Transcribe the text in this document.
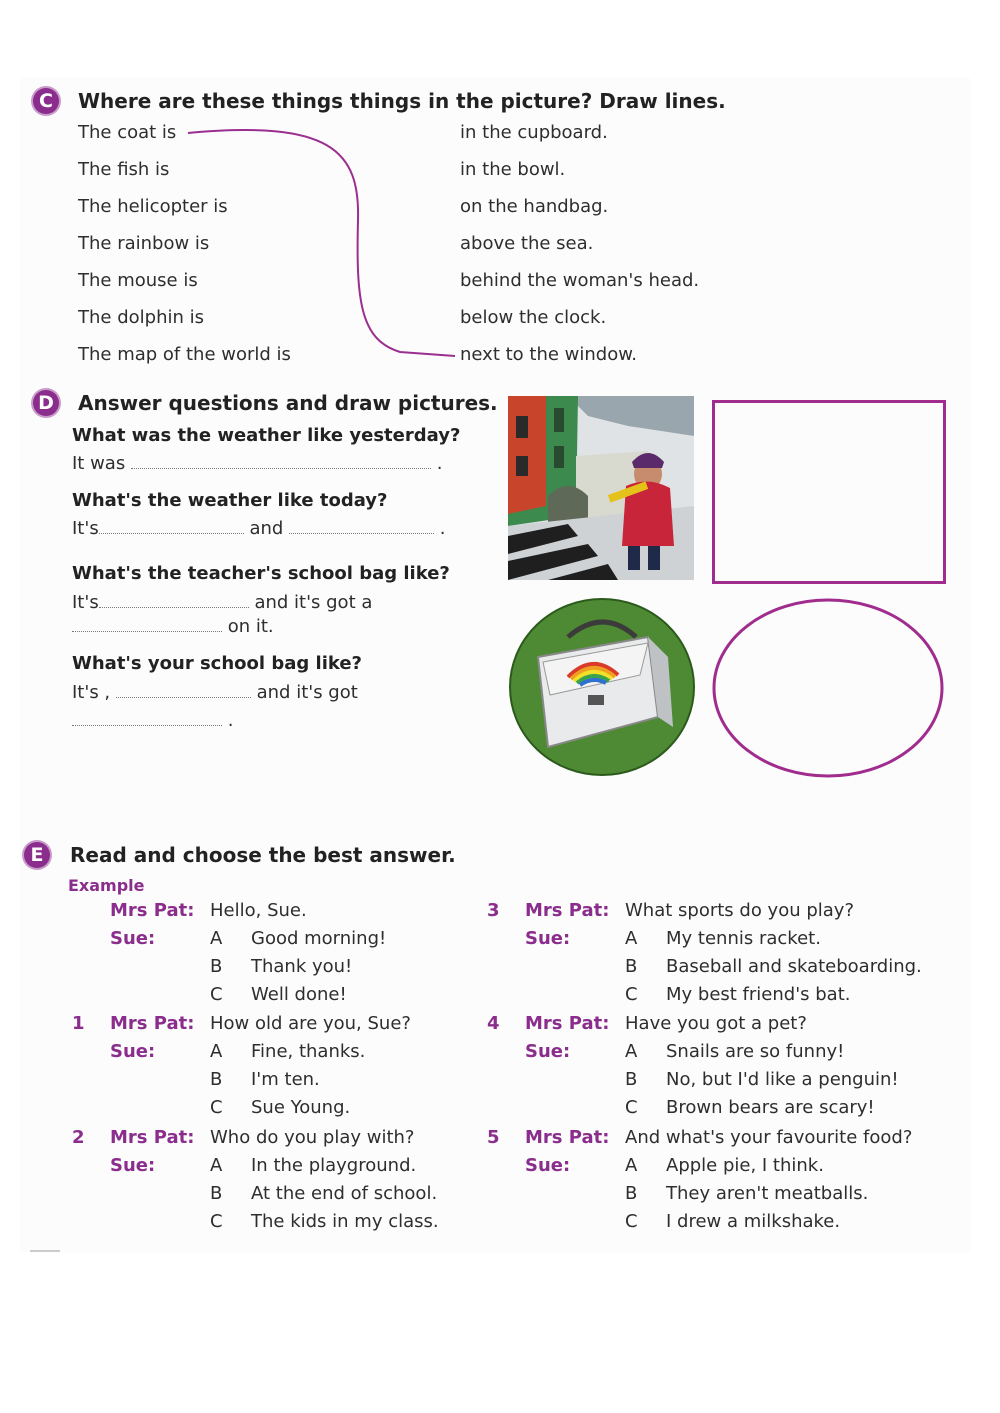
C	Where are these things things in the picture? Draw lines.
The coat is
The fish is
The helicopter is
The rainbow is
The mouse is
The dolphin is
The map of the world is
in the cupboard.
in the bowl.
on the handbag.
above the sea.
behind the woman's head.
below the clock.
next to the window.
D Answer questions and draw pictures.
What was the weather like yesterday?
It was	.
What's the weather like today?
It's	and	.
What's the teacher's school bag like?
It's	and it's got a
on it.
What's your school bag like?
It's ,	and it's got
.
E	Read and choose the best answer.
Example
Mrs Pat: Hello, Sue.
Sue:	A Good morning!
B Thank you!
C Well done!
1 Mrs Pat: How old are you, Sue?
Sue:	A Fine, thanks.
B I'm ten.
C Sue Young.
2 Mrs Pat: Who do you play with?
Sue:	A In the playground.
B At the end of school.
C The kids in my class.
3 Mrs Pat: What sports do you play?
Sue:	A My tennis racket.
B Baseball and skateboarding.
C My best friend's bat.
4 Mrs Pat: Have you got a pet?
Sue:	A Snails are so funny!
B No, but I'd like a penguin!
C Brown bears are scary!
5 Mrs Pat: And what's your favourite food?
Sue:	A Apple pie, I think.
B They aren't meatballs.
C I drew a milkshake.
